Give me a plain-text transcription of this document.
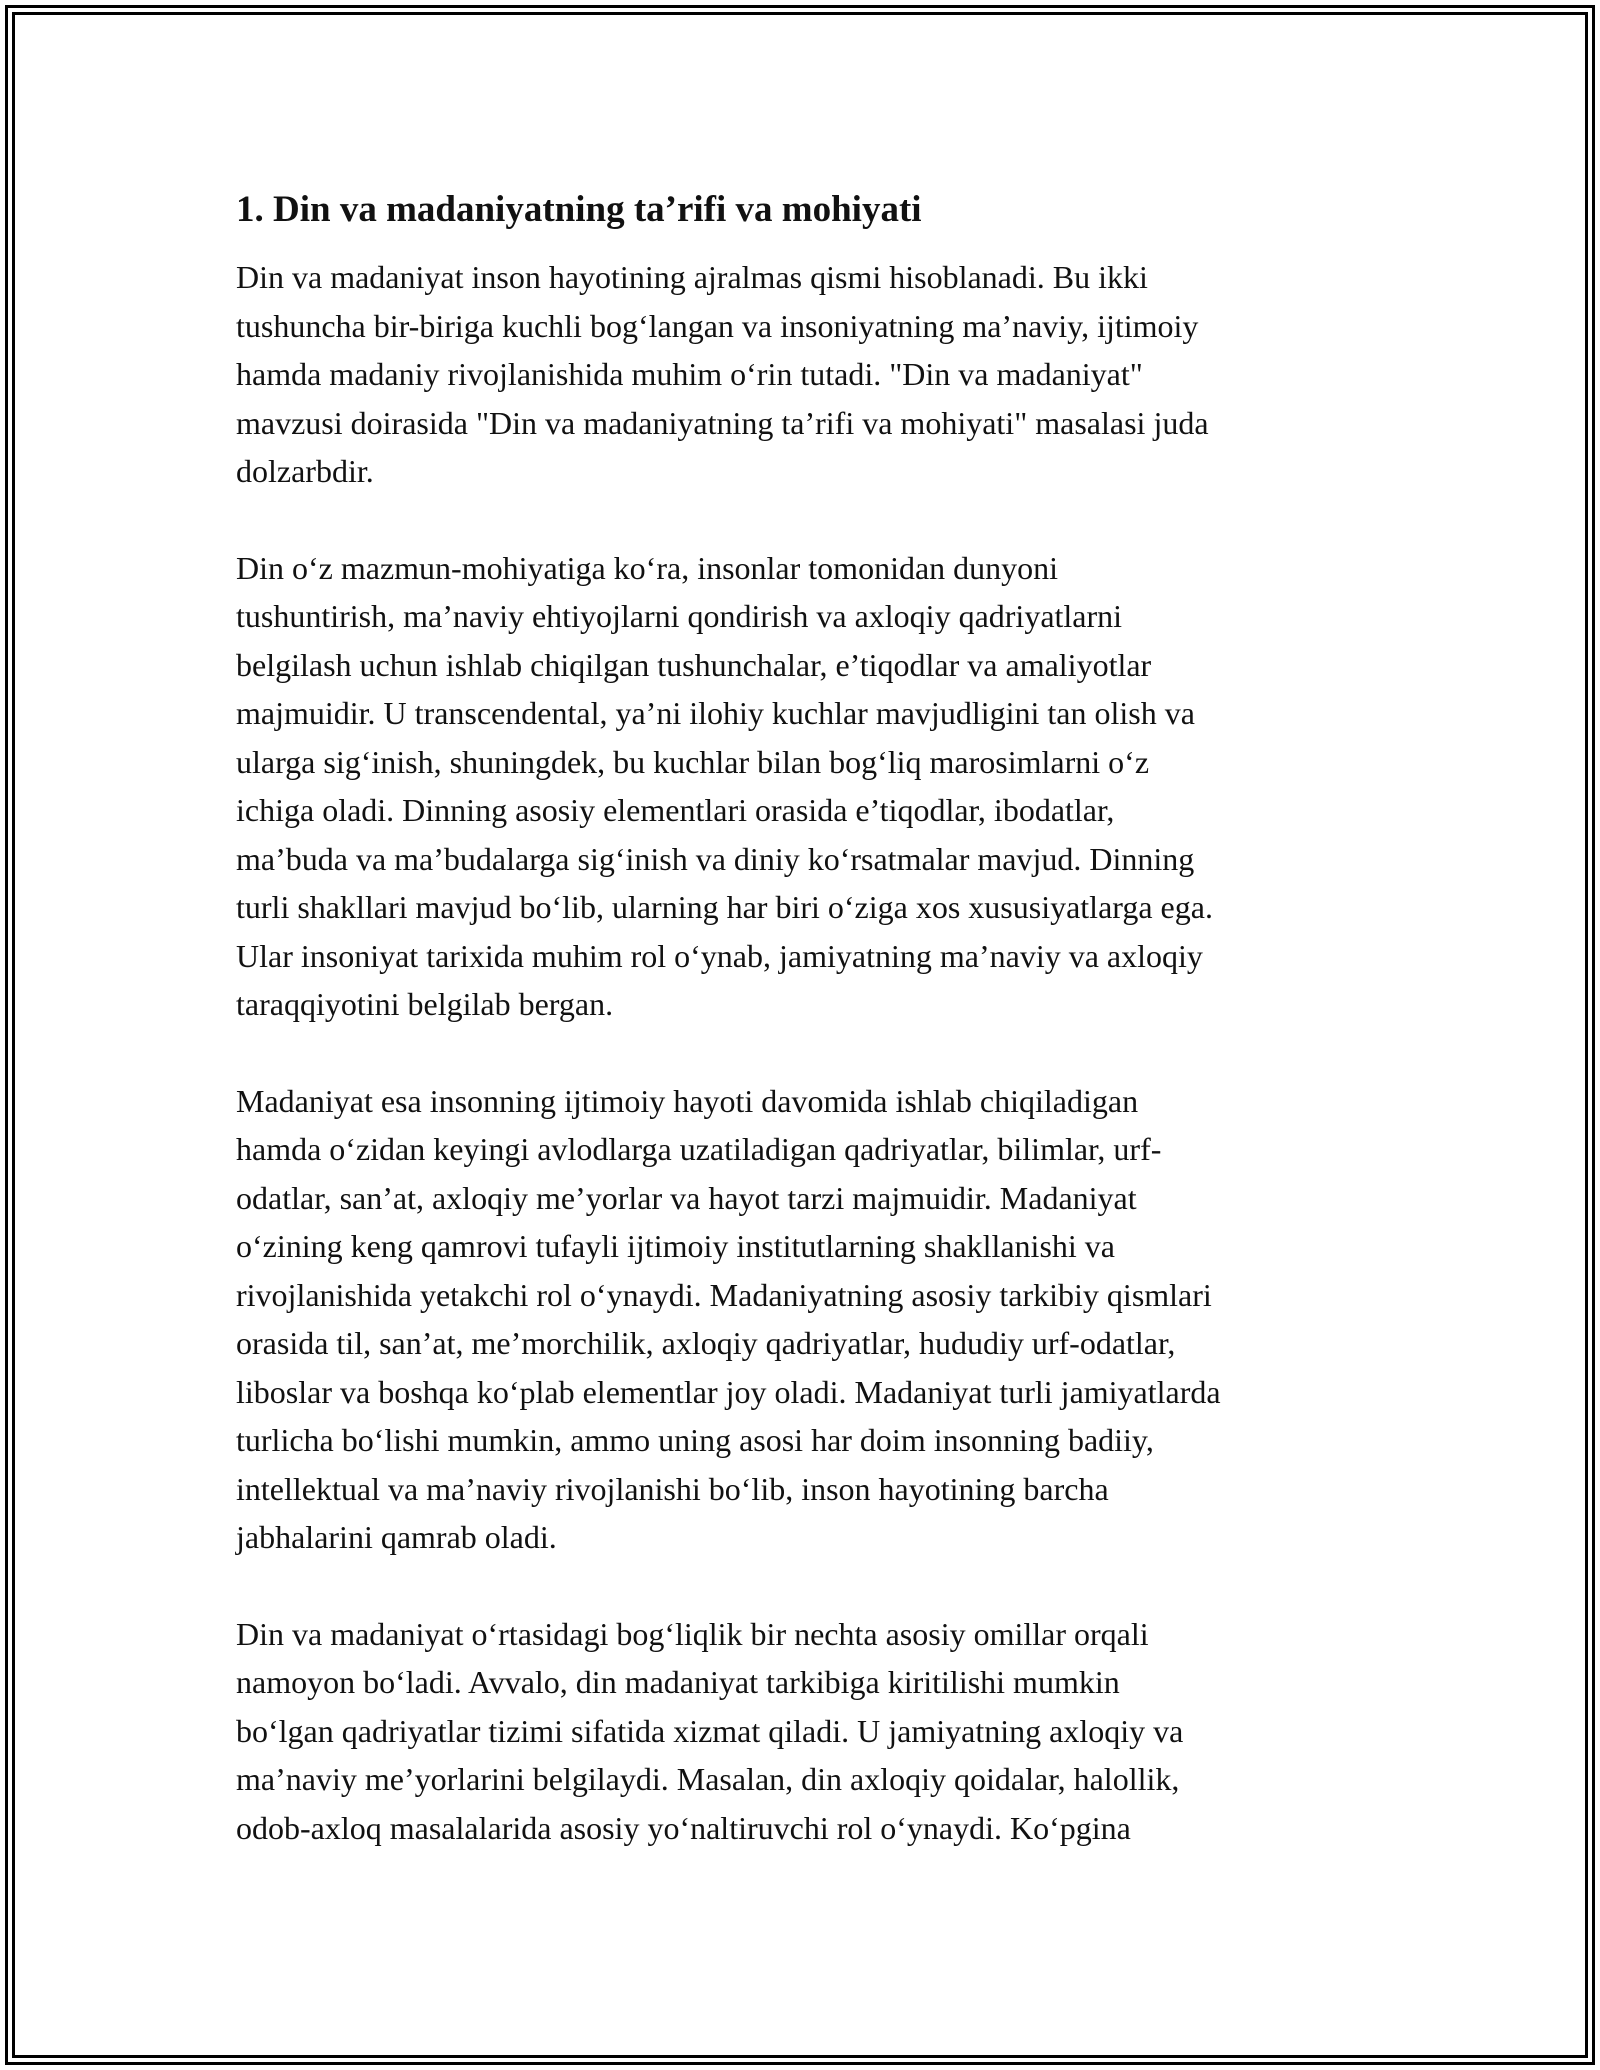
1. Din va madaniyatning ta’rifi va mohiyati

Din va madaniyat inson hayotining ajralmas qismi hisoblanadi. Bu ikki
tushuncha bir-biriga kuchli bog‘langan va insoniyatning ma’naviy, ijtimoiy
hamda madaniy rivojlanishida muhim o‘rin tutadi. "Din va madaniyat"
mavzusi doirasida "Din va madaniyatning ta’rifi va mohiyati" masalasi juda
dolzarbdir.

Din o‘z mazmun-mohiyatiga ko‘ra, insonlar tomonidan dunyoni
tushuntirish, ma’naviy ehtiyojlarni qondirish va axloqiy qadriyatlarni
belgilash uchun ishlab chiqilgan tushunchalar, e’tiqodlar va amaliyotlar
majmuidir. U transcendental, ya’ni ilohiy kuchlar mavjudligini tan olish va
ularga sig‘inish, shuningdek, bu kuchlar bilan bog‘liq marosimlarni o‘z
ichiga oladi. Dinning asosiy elementlari orasida e’tiqodlar, ibodatlar,
ma’buda va ma’budalarga sig‘inish va diniy ko‘rsatmalar mavjud. Dinning
turli shakllari mavjud bo‘lib, ularning har biri o‘ziga xos xususiyatlarga ega.
Ular insoniyat tarixida muhim rol o‘ynab, jamiyatning ma’naviy va axloqiy
taraqqiyotini belgilab bergan.

Madaniyat esa insonning ijtimoiy hayoti davomida ishlab chiqiladigan
hamda o‘zidan keyingi avlodlarga uzatiladigan qadriyatlar, bilimlar, urf-
odatlar, san’at, axloqiy me’yorlar va hayot tarzi majmuidir. Madaniyat
o‘zining keng qamrovi tufayli ijtimoiy institutlarning shakllanishi va
rivojlanishida yetakchi rol o‘ynaydi. Madaniyatning asosiy tarkibiy qismlari
orasida til, san’at, me’morchilik, axloqiy qadriyatlar, hududiy urf-odatlar,
liboslar va boshqa ko‘plab elementlar joy oladi. Madaniyat turli jamiyatlarda
turlicha bo‘lishi mumkin, ammo uning asosi har doim insonning badiiy,
intellektual va ma’naviy rivojlanishi bo‘lib, inson hayotining barcha
jabhalarini qamrab oladi.

Din va madaniyat o‘rtasidagi bog‘liqlik bir nechta asosiy omillar orqali
namoyon bo‘ladi. Avvalo, din madaniyat tarkibiga kiritilishi mumkin
bo‘lgan qadriyatlar tizimi sifatida xizmat qiladi. U jamiyatning axloqiy va
ma’naviy me’yorlarini belgilaydi. Masalan, din axloqiy qoidalar, halollik,
odob-axloq masalalarida asosiy yo‘naltiruvchi rol o‘ynaydi. Ko‘pgina
